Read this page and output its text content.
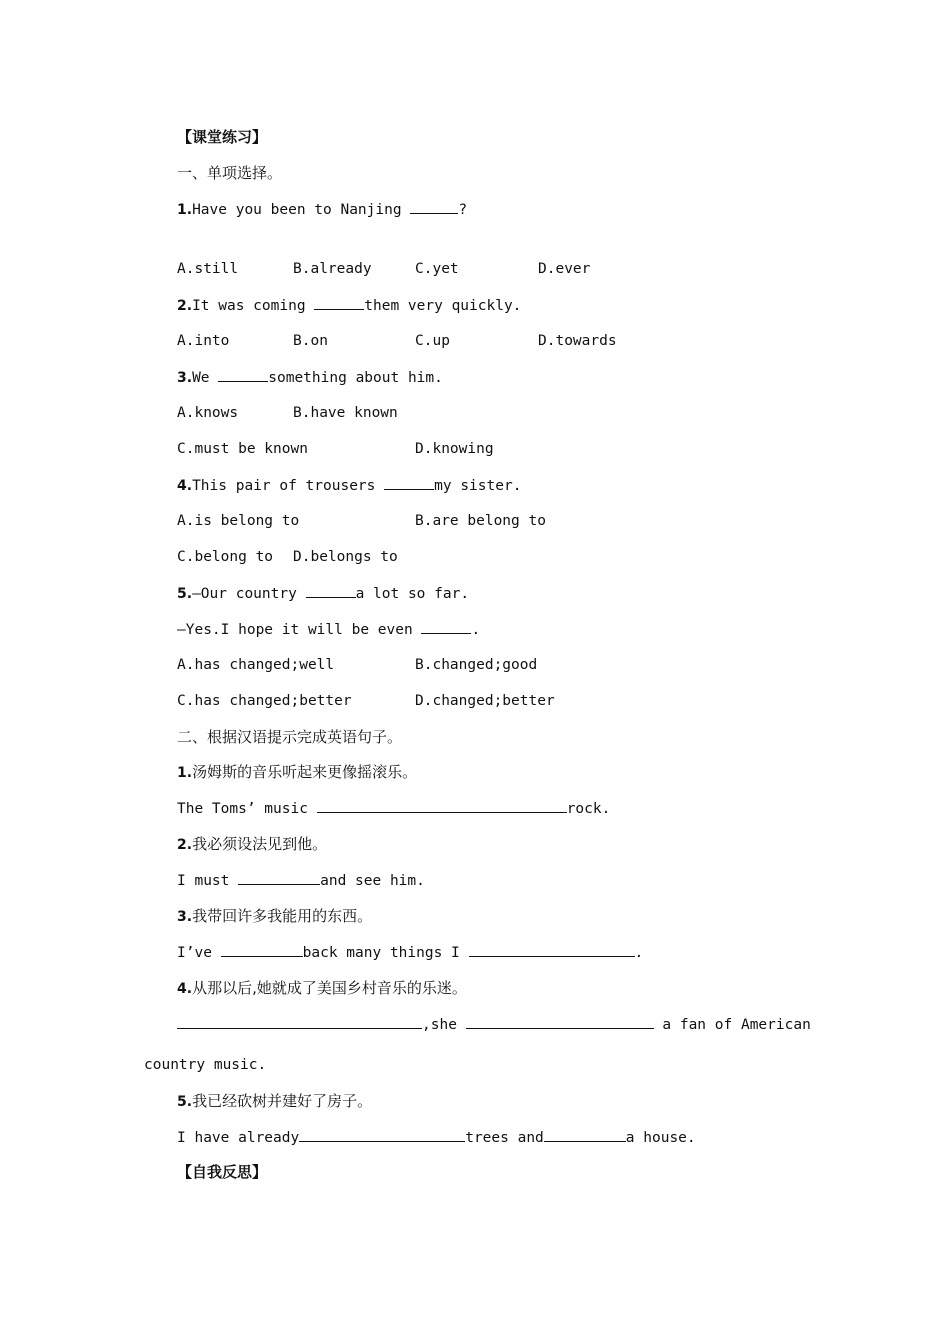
【课堂练习】
一、单项选择。
1.Have you been to Nanjing	?
A.still	B.already	C.yet	D.ever
2.It was coming	them very quickly.
A.into	B.on	C.up	D.towards
3.We	something about him.
A.knows	B.have known
C.must be known	D.knowing
4.This pair of trousers	my sister.
A.is belong to	B.are belong to
C.belong to D.belongs to
5.—Our country	a lot so far.
—Yes.I hope it will be even	.
A.has changed;well	B.changed;good
C.has changed;better	D.changed;better
二、根据汉语提示完成英语句子。
1.汤姆斯的音乐听起来更像摇滚乐。
The Toms’ music	rock.
2.我必须设法见到他。
I must	and see him.
3.我带回许多我能用的东西。
I’ve	back many things I	.
4.从那以后,她就成了美国乡村音乐的乐迷。
,she	a fan of American
country music.
5.我已经砍树并建好了房子。
I have already	trees and	a house.
【自我反思】
